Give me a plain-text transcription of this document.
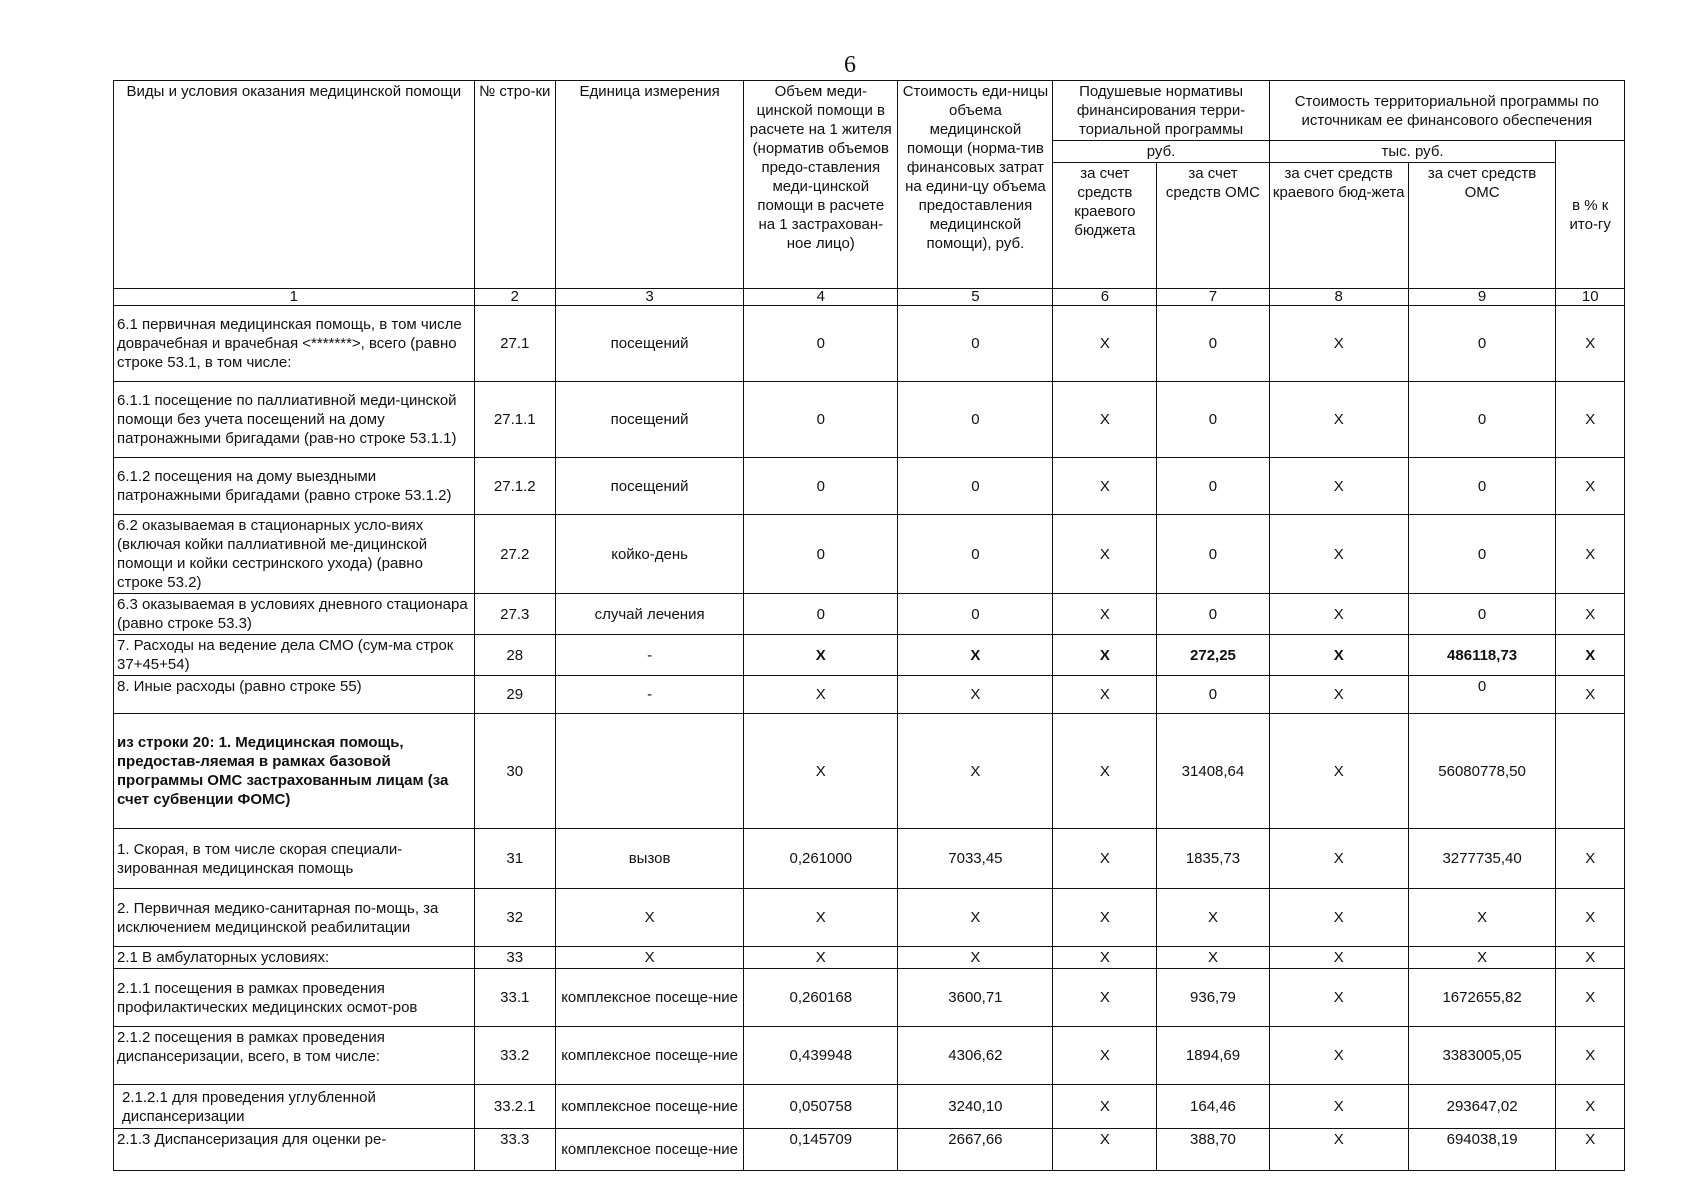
6
Виды и условия оказания медицинской помощи	№ стро-ки	Единица измерения	Объем меди-цинской помощи в расчете на 1 жителя (норматив объемов предо-ставления меди-цинской помощи в расчете на 1 застрахован-ное лицо)	Стоимость еди-ницы объема медицинской помощи (норма-тив финансовых затрат на едини-цу объема предоставления медицинской помощи), руб.	Подушевые нормативы финансирования терри-ториальной программы		Стоимость территориальной программы по источникам ее финансового обеспечения		
					руб.		тыс. руб.		в % к ито-гу
					за счет средств краевого бюджета	за счет средств ОМС	за счет средств краевого бюд-жета	за счет средств ОМС	
1	2	3	4	5	6	7	8	9	10
6.1 первичная медицинская помощь, в том числе доврачебная и врачебная <*******>, всего (равно строке 53.1, в том числе:	27.1	посещений	0	0	X	0	X	0	X
6.1.1 посещение по паллиативной меди-цинской помощи без учета посещений на дому патронажными бригадами (рав-но строке 53.1.1)	27.1.1	посещений	0	0	X	0	X	0	X
6.1.2 посещения на дому выездными патронажными бригадами (равно строке 53.1.2)	27.1.2	посещений	0	0	X	0	X	0	X
6.2 оказываемая в стационарных усло-виях (включая койки паллиативной ме-дицинской помощи и койки сестринского ухода) (равно строке 53.2)	27.2	койко-день	0	0	X	0	X	0	X
6.3 оказываемая в условиях дневного стационара (равно строке 53.3)	27.3	случай лечения	0	0	X	0	X	0	X
7. Расходы на ведение дела СМО (сум-ма строк 37+45+54)	28	-	X	X	X	272,25	X	486118,73	X
8. Иные расходы (равно строке 55)	29	-	X	X	X	0	X	0	X
из строки 20: 1. Медицинская помощь, предостав-ляемая в рамках базовой программы ОМС застрахованным лицам (за счет субвенции ФОМС)	30		X	X	X	31408,64	X	56080778,50	
1. Скорая, в том числе скорая специали-зированная медицинская помощь	31	вызов	0,261000	7033,45	X	1835,73	X	3277735,40	X
2. Первичная медико-санитарная по-мощь, за исключением медицинской реабилитации	32	X	X	X	X	X	X	X	X
2.1 В амбулаторных условиях:	33	X	X	X	X	X	X	X	X
2.1.1 посещения в рамках проведения профилактических медицинских осмот-ров	33.1	комплексное посеще-ние	0,260168	3600,71	X	936,79	X	1672655,82	X
2.1.2 посещения в рамках проведения диспансеризации, всего, в том числе:	33.2	комплексное посеще-ние	0,439948	4306,62	X	1894,69	X	3383005,05	X
2.1.2.1 для проведения углубленной диспансеризации	33.2.1	комплексное посеще-ние	0,050758	3240,10	X	164,46	X	293647,02	X
2.1.3 Диспансеризация для оценки ре-	33.3	комплексное посеще-ние	0,145709	2667,66	X	388,70	X	694038,19	X
